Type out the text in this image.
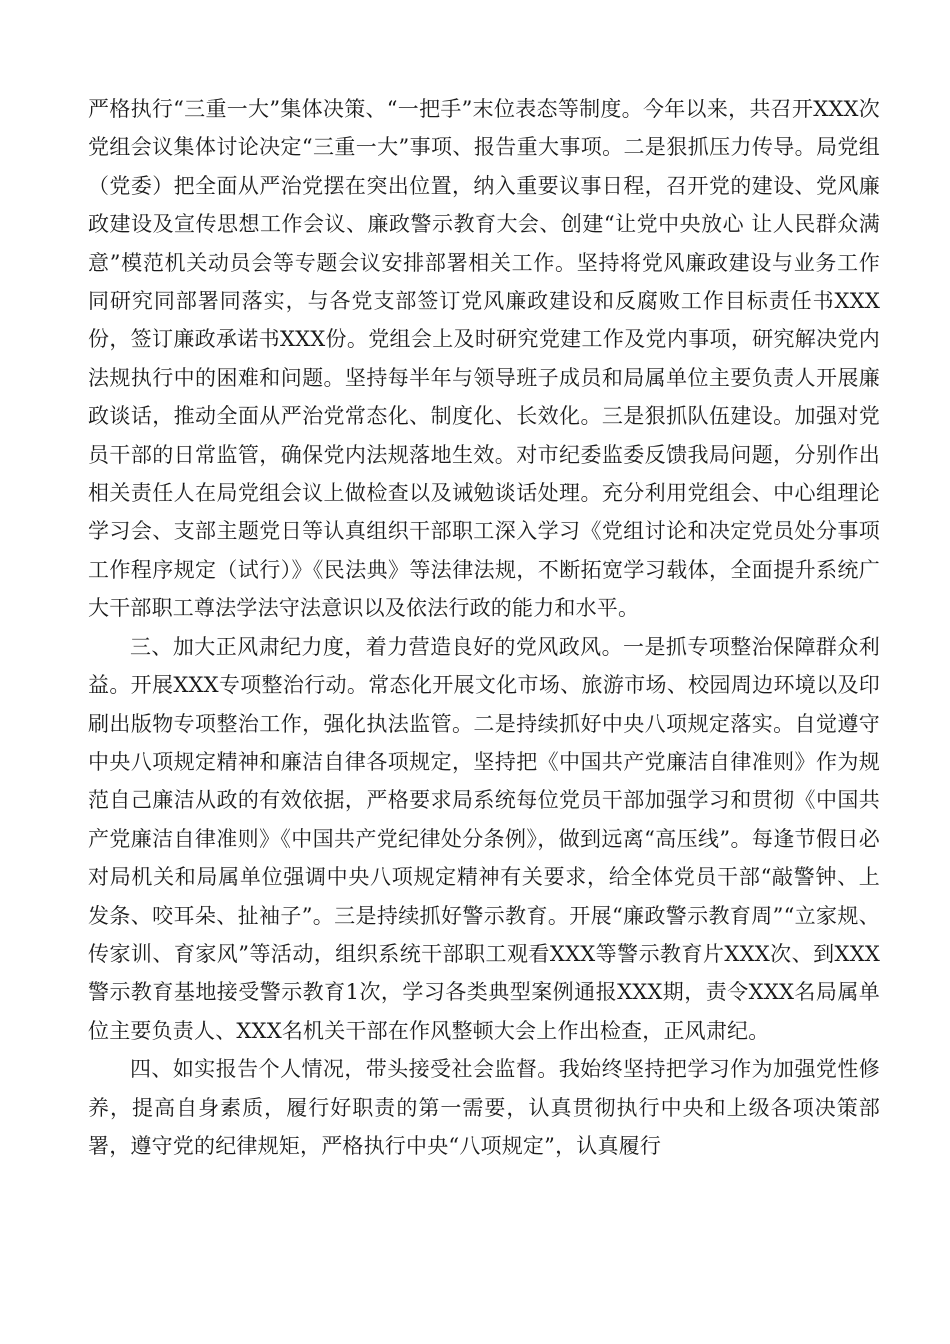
严格执行“三重一大”集体决策、“一把手”末位表态等制度。今年以来，共召开XXX次党组会议集体讨论决定“三重一大”事项、报告重大事项。二是狠抓压力传导。局党组（党委）把全面从严治党摆在突出位置，纳入重要议事日程，召开党的建设、党风廉政建设及宣传思想工作会议、廉政警示教育大会、创建“让党中央放心 让人民群众满意”模范机关动员会等专题会议安排部署相关工作。坚持将党风廉政建设与业务工作同研究同部署同落实，与各党支部签订党风廉政建设和反腐败工作目标责任书XXX份，签订廉政承诺书XXX份。党组会上及时研究党建工作及党内事项，研究解决党内法规执行中的困难和问题。坚持每半年与领导班子成员和局属单位主要负责人开展廉政谈话，推动全面从严治党常态化、制度化、长效化。三是狠抓队伍建设。加强对党员干部的日常监管，确保党内法规落地生效。对市纪委监委反馈我局问题，分别作出相关责任人在局党组会议上做检查以及诫勉谈话处理。充分利用党组会、中心组理论学习会、支部主题党日等认真组织干部职工深入学习《党组讨论和决定党员处分事项工作程序规定（试行）》《民法典》等法律法规，不断拓宽学习载体，全面提升系统广大干部职工尊法学法守法意识以及依法行政的能力和水平。

三、加大正风肃纪力度，着力营造良好的党风政风。一是抓专项整治保障群众利益。开展XXX专项整治行动。常态化开展文化市场、旅游市场、校园周边环境以及印刷出版物专项整治工作，强化执法监管。二是持续抓好中央八项规定落实。自觉遵守中央八项规定精神和廉洁自律各项规定，坚持把《中国共产党廉洁自律准则》作为规范自己廉洁从政的有效依据，严格要求局系统每位党员干部加强学习和贯彻《中国共产党廉洁自律准则》《中国共产党纪律处分条例》，做到远离“高压线”。每逢节假日必对局机关和局属单位强调中央八项规定精神有关要求，给全体党员干部“敲警钟、上发条、咬耳朵、扯袖子”。三是持续抓好警示教育。开展“廉政警示教育周”“立家规、传家训、育家风”等活动，组织系统干部职工观看XXX等警示教育片XXX次、到XXX警示教育基地接受警示教育1次，学习各类典型案例通报XXX期，责令XXX名局属单位主要负责人、XXX名机关干部在作风整顿大会上作出检查，正风肃纪。

四、如实报告个人情况，带头接受社会监督。我始终坚持把学习作为加强党性修养，提高自身素质，履行好职责的第一需要，认真贯彻执行中央和上级各项决策部署，遵守党的纪律规矩，严格执行中央“八项规定”，认真履行
